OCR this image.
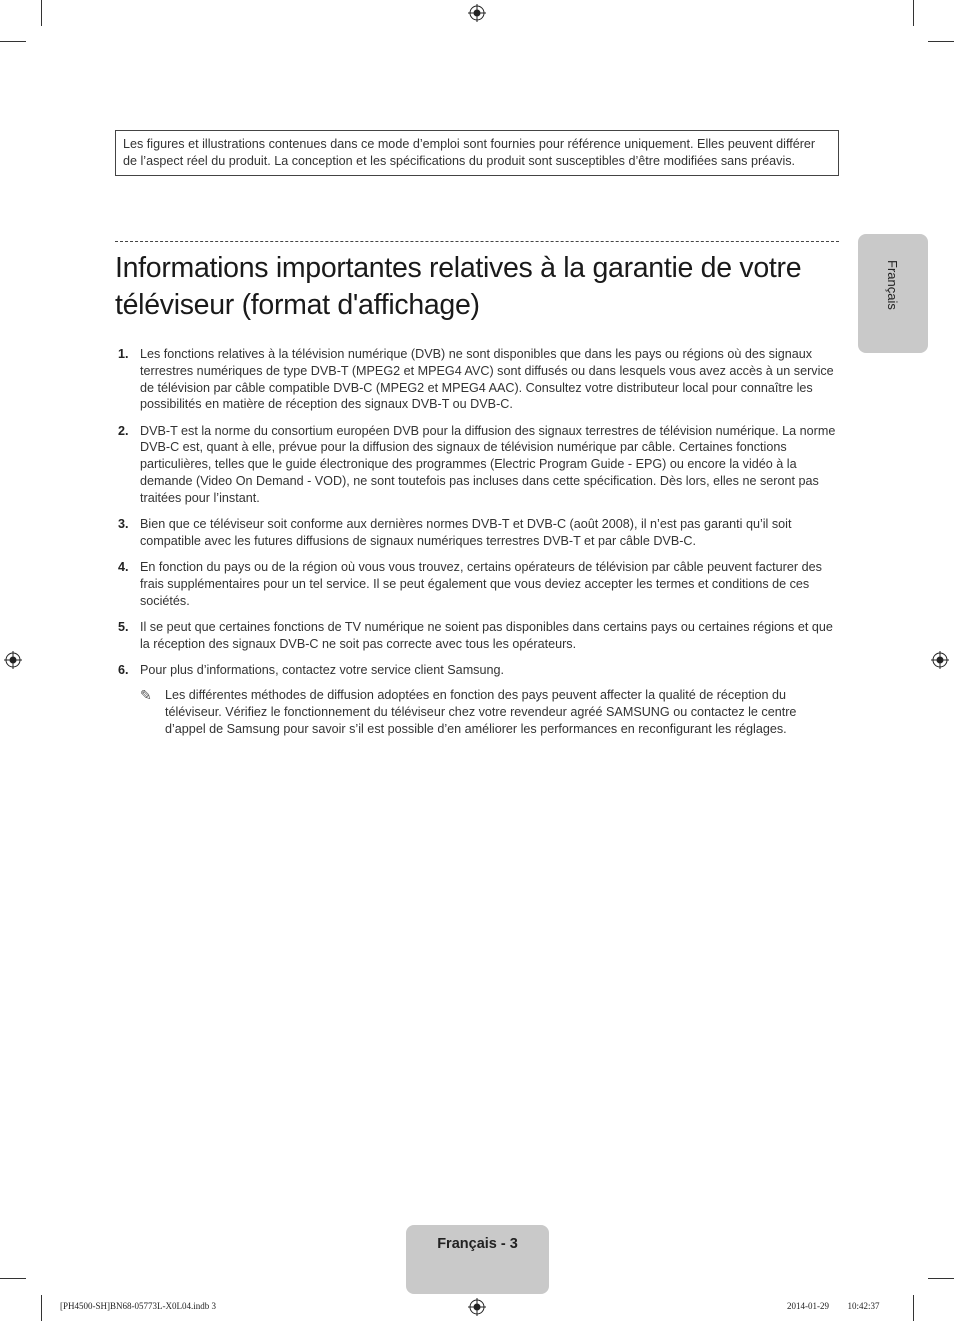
Les figures et illustrations contenues dans ce mode d’emploi sont fournies pour référence uniquement. Elles peuvent différer de l’aspect réel du produit. La conception et les spécifications du produit sont susceptibles d’être modifiées sans préavis.
Informations importantes relatives à la garantie de votre téléviseur (format d'affichage)
1. Les fonctions relatives à la télévision numérique (DVB) ne sont disponibles que dans les pays ou régions où des signaux terrestres numériques de type DVB-T (MPEG2 et MPEG4 AVC) sont diffusés ou dans lesquels vous avez accès à un service de télévision par câble compatible DVB-C (MPEG2 et MPEG4 AAC). Consultez votre distributeur local pour connaître les possibilités en matière de réception des signaux DVB-T ou DVB-C.
2. DVB-T est la norme du consortium européen DVB pour la diffusion des signaux terrestres de télévision numérique. La norme DVB-C est, quant à elle, prévue pour la diffusion des signaux de télévision numérique par câble. Certaines fonctions particulières, telles que le guide électronique des programmes (Electric Program Guide - EPG) ou encore la vidéo à la demande (Video On Demand - VOD), ne sont toutefois pas incluses dans cette spécification. Dès lors, elles ne seront pas traitées pour l’instant.
3. Bien que ce téléviseur soit conforme aux dernières normes DVB-T et DVB-C (août 2008), il n’est pas garanti qu’il soit compatible avec les futures diffusions de signaux numériques terrestres DVB-T et par câble DVB-C.
4. En fonction du pays ou de la région où vous vous trouvez, certains opérateurs de télévision par câble peuvent facturer des frais supplémentaires pour un tel service. Il se peut également que vous deviez accepter les termes et conditions de ces sociétés.
5. Il se peut que certaines fonctions de TV numérique ne soient pas disponibles dans certains pays ou certaines régions et que la réception des signaux DVB-C ne soit pas correcte avec tous les opérateurs.
6. Pour plus d’informations, contactez votre service client Samsung.
✎ Les différentes méthodes de diffusion adoptées en fonction des pays peuvent affecter la qualité de réception du téléviseur. Vérifiez le fonctionnement du téléviseur chez votre revendeur agréé SAMSUNG ou contactez le centre d’appel de Samsung pour savoir s’il est possible d’en améliorer les performances en reconfigurant les réglages.
Français
Français - 3
[PH4500-SH]BN68-05773L-X0L04.indb 3	2014-01-29    10:42:37
